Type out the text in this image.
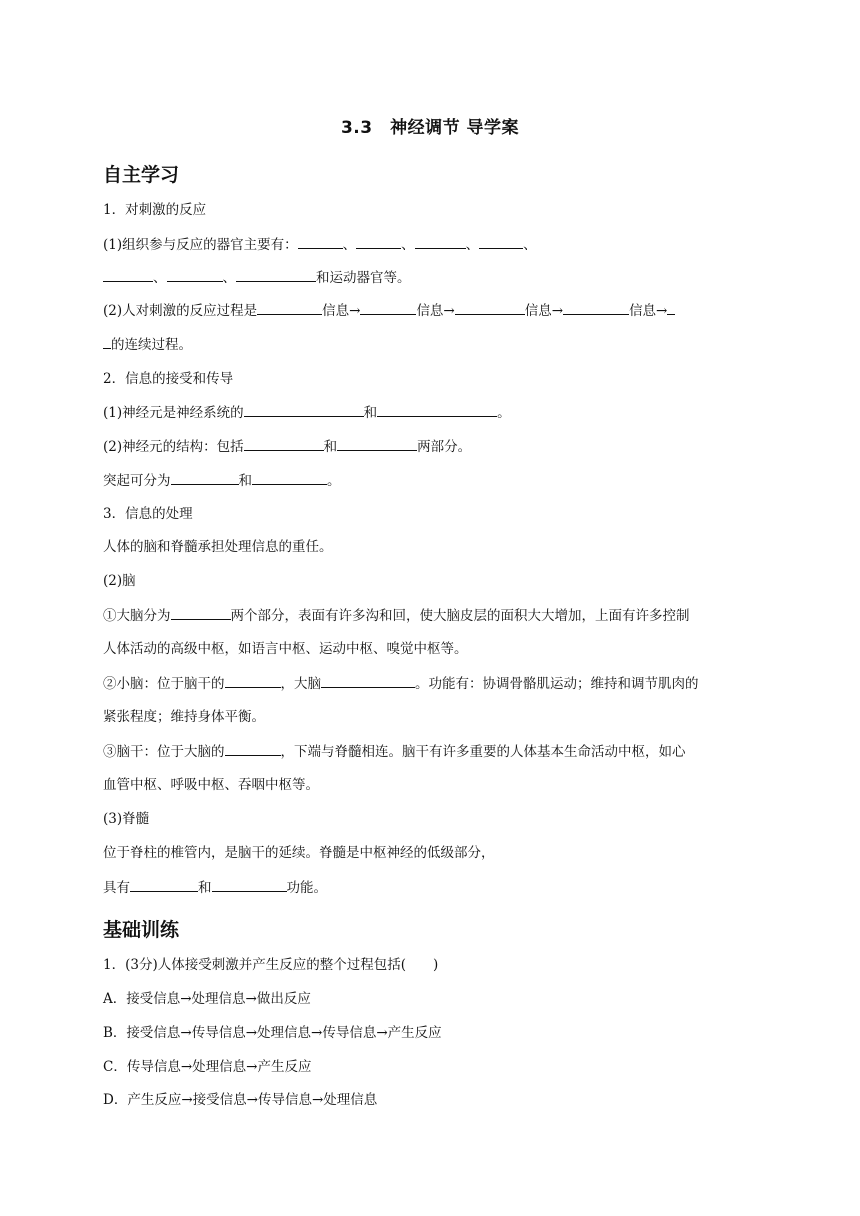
3.3　神经调节 导学案
自主学习
1．对刺激的反应
(1)组织参与反应的器官主要有：	、	、	、	、
、	、	和运动器官等。
(2)人对刺激的反应过程是	信息→	信息→	信息→	信息→
的连续过程。
2．信息的接受和传导
(1)神经元是神经系统的	和	。
(2)神经元的结构：包括	和	两部分。
突起可分为	和	。
3．信息的处理
人体的脑和脊髓承担处理信息的重任。
(2)脑
①大脑分为	两个部分，表面有许多沟和回，使大脑皮层的面积大大增加，上面有许多控制
人体活动的高级中枢，如语言中枢、运动中枢、嗅觉中枢等。
②小脑：位于脑干的	，大脑	。功能有：协调骨骼肌运动；维持和调节肌肉的
紧张程度；维持身体平衡。
③脑干：位于大脑的	，下端与脊髓相连。脑干有许多重要的人体基本生命活动中枢，如心
血管中枢、呼吸中枢、吞咽中枢等。
(3)脊髓
位于脊柱的椎管内，是脑干的延续。脊髓是中枢神经的低级部分，
具有	和	功能。
基础训练
1．(3分)人体接受刺激并产生反应的整个过程包括(　　)
A．接受信息→处理信息→做出反应
B．接受信息→传导信息→处理信息→传导信息→产生反应
C．传导信息→处理信息→产生反应
D．产生反应→接受信息→传导信息→处理信息
